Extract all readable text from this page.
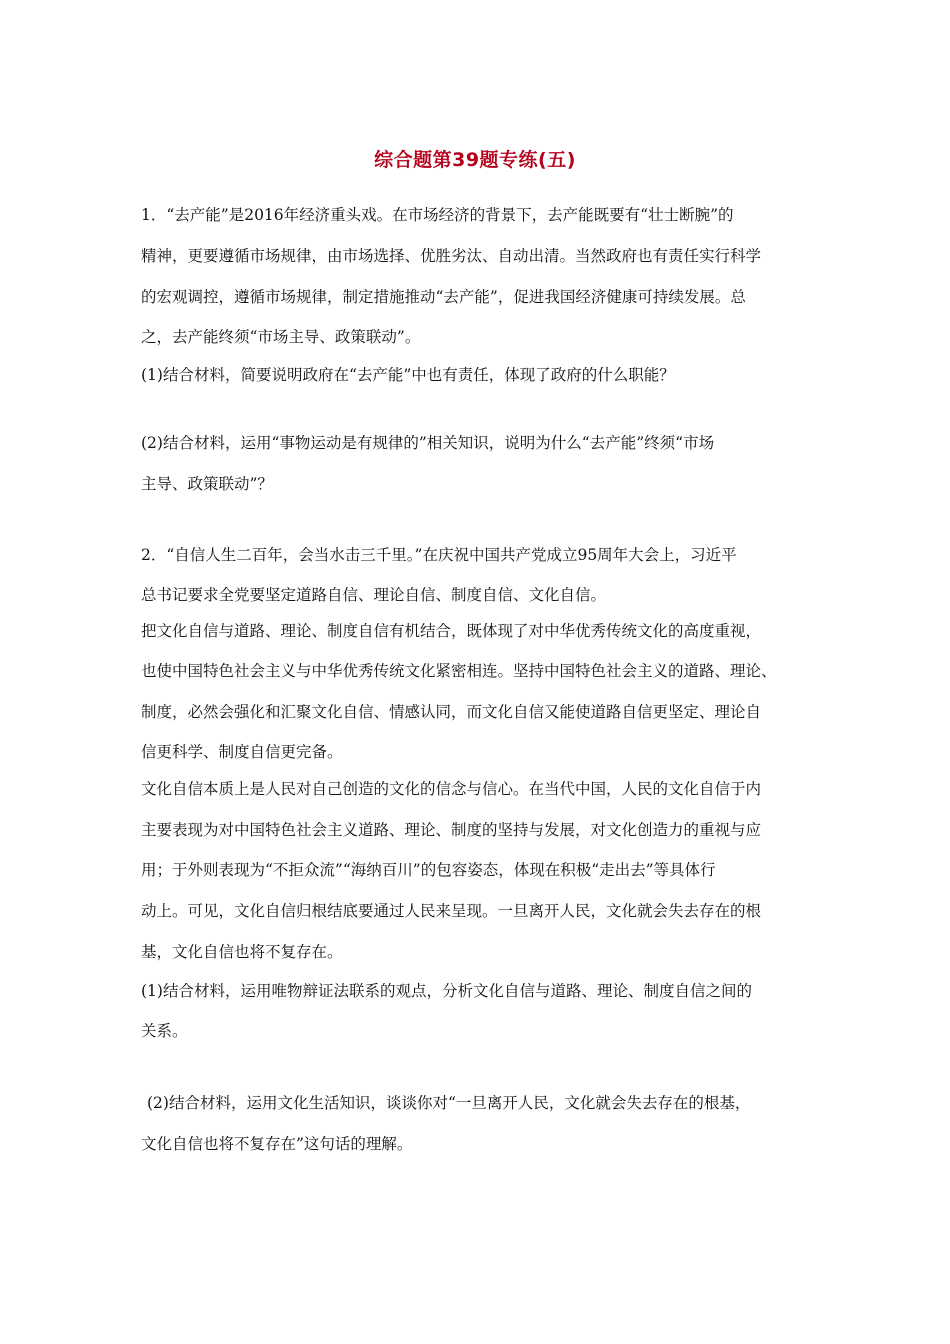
综合题第39题专练(五)
1．“去产能”是2016年经济重头戏。在市场经济的背景下，去产能既要有“壮士断腕”的
精神，更要遵循市场规律，由市场选择、优胜劣汰、自动出清。当然政府也有责任实行科学
的宏观调控，遵循市场规律，制定措施推动“去产能”，促进我国经济健康可持续发展。总
之，去产能终须“市场主导、政策联动”。
(1)结合材料，简要说明政府在“去产能”中也有责任，体现了政府的什么职能？
(2)结合材料，运用“事物运动是有规律的”相关知识，说明为什么“去产能”终须“市场
主导、政策联动”？
2．“自信人生二百年，会当水击三千里。”在庆祝中国共产党成立95周年大会上，习近平
总书记要求全党要坚定道路自信、理论自信、制度自信、文化自信。
把文化自信与道路、理论、制度自信有机结合，既体现了对中华优秀传统文化的高度重视，
也使中国特色社会主义与中华优秀传统文化紧密相连。坚持中国特色社会主义的道路、理论、
制度，必然会强化和汇聚文化自信、情感认同，而文化自信又能使道路自信更坚定、理论自
信更科学、制度自信更完备。
文化自信本质上是人民对自己创造的文化的信念与信心。在当代中国，人民的文化自信于内
主要表现为对中国特色社会主义道路、理论、制度的坚持与发展，对文化创造力的重视与应
用；于外则表现为“不拒众流”“海纳百川”的包容姿态，体现在积极“走出去”等具体行
动上。可见，文化自信归根结底要通过人民来呈现。一旦离开人民，文化就会失去存在的根
基，文化自信也将不复存在。
(1)结合材料，运用唯物辩证法联系的观点，分析文化自信与道路、理论、制度自信之间的
关系。
(2)结合材料，运用文化生活知识，谈谈你对“一旦离开人民，文化就会失去存在的根基，
文化自信也将不复存在”这句话的理解。
